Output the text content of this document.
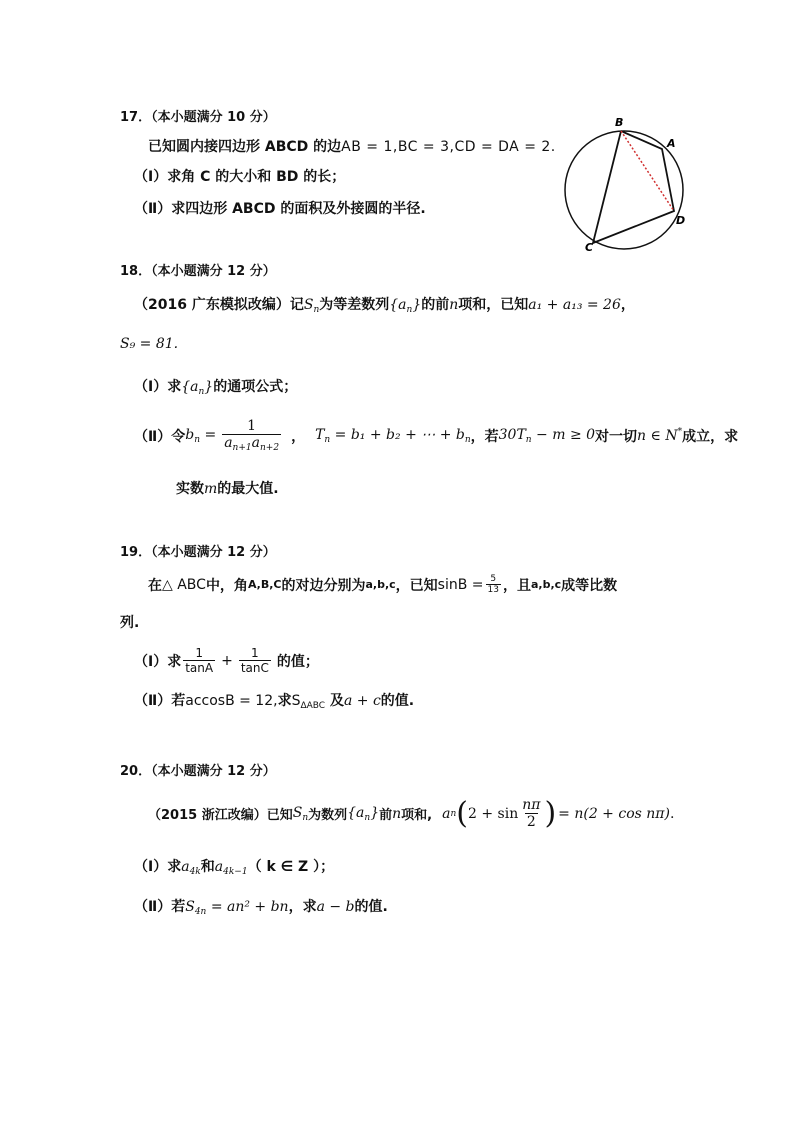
17．（本小题满分 10 分）
已知圆内接四边形 ABCD 的边AB = 1,BC = 3,CD = DA = 2.
（Ⅰ）求角 C 的大小和 BD 的长；
（Ⅱ）求四边形 ABCD 的面积及外接圆的半径.
B
A
D
C
18．（本小题满分 12 分）
（2016 广东模拟改编）记$S_n$为等差数列$\{a_n\}$的前n项和，已知a₁ + a₁₃ = 26，
S₉ = 81.
（Ⅰ）求$\{a_n\}$的通项公式；
（Ⅱ）令 $b_n = \frac{1}{a_{n+1}a_{n+2}}$ ， $T_n = b_1 + b_2$ + ⋯ + $b_n$ ，若 $30T_n - m \ge 0$ 对一切 n ∈ N* 成立，求
实数m的最大值.
19．（本小题满分 12 分）
在 △ ABC 中，角 A,B,C 的对边分别为 a,b,c ，已知 $\sin B = \frac{5}{13}$ ，且 a,b,c 成等比数
列.
（Ⅰ）求 $\frac{1}{\tan A} + \frac{1}{\tan C}$ 的值；
（Ⅱ）若accosB = 12,求$S_{\Delta ABC}$ 及a + c的值.
20．（本小题满分 12 分）
（2015 浙江改编）已知 $S_n$ 为数列 $\{a_n\}$ 前 n 项和, a n ( $2 + \sin \frac{n\pi}{2}$ ) = n(2 + cos nπ) .
（Ⅰ）求$a_{4k}$和$a_{4k-1}$（ k ∈ Z ）；
（Ⅱ）若$S_{4n} = an^2$ + bn，求a − b的值.
